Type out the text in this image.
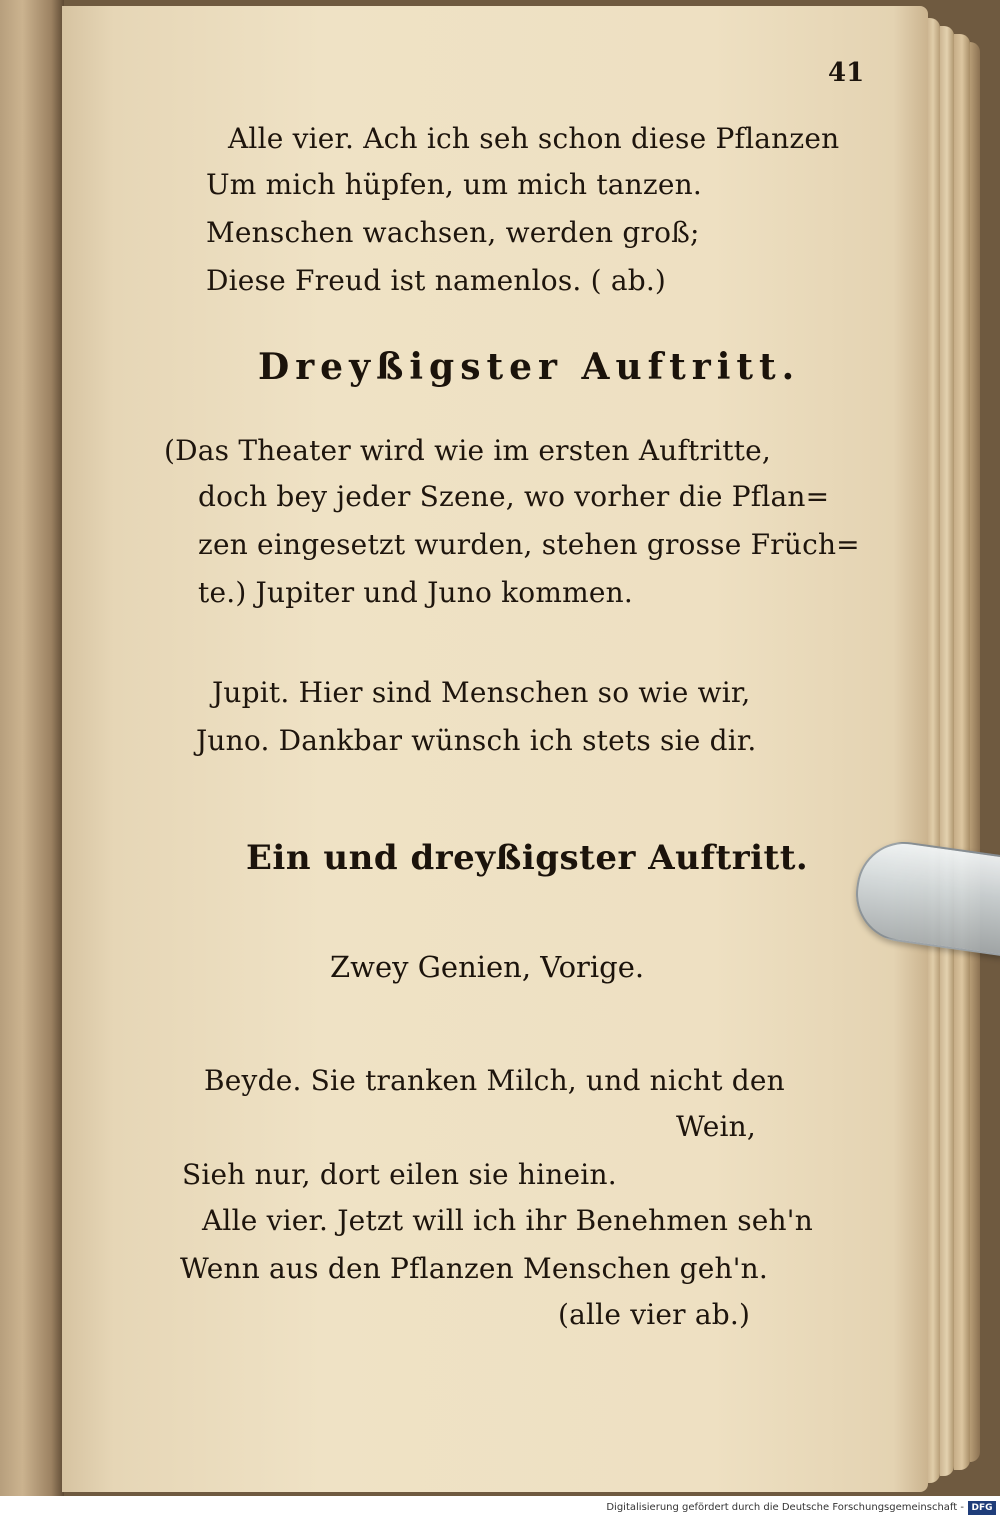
41
Alle vier. Ach ich seh schon diese Pflanzen
Um mich hüpfen, um mich tanzen.
Menschen wachsen, werden groß;
Diese Freud ist namenlos. ( ab.)
Dreyßigster Auftritt.
(Das Theater wird wie im ersten Auftritte,
doch bey jeder Szene, wo vorher die Pflan=
zen eingesetzt wurden, stehen grosse Früch=
te.) Jupiter und Juno kommen.
Jupit. Hier sind Menschen so wie wir,
Juno. Dankbar wünsch ich stets sie dir.
Ein und dreyßigster Auftritt.
Zwey Genien, Vorige.
Beyde. Sie tranken Milch, und nicht den
Wein,
Sieh nur, dort eilen sie hinein.
Alle vier. Jetzt will ich ihr Benehmen seh'n
Wenn aus den Pflanzen Menschen geh'n.
(alle vier ab.)
Digitalisierung gefördert durch die Deutsche Forschungsgemeinschaft - DFG
